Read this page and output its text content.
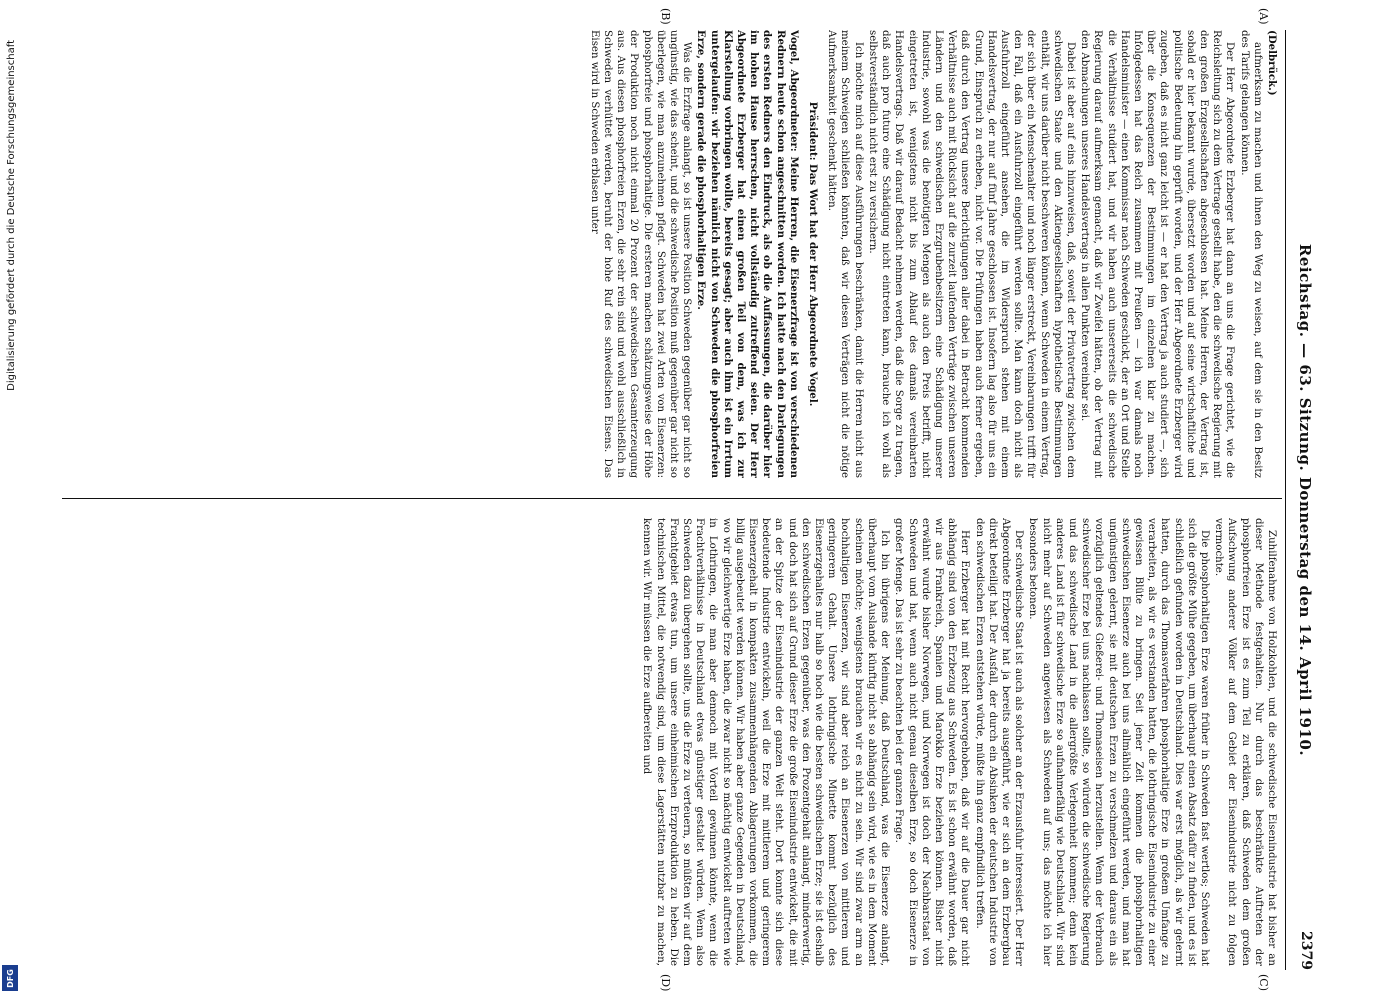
Reichstag. — 63. Sitzung. Donnerstag den 14. April 1910.
2379
(A)
(B)
(C)
(D)

(Delbrück.)

aufmerksam zu machen und ihnen den Weg zu weisen, auf dem sie in den Besitz des Tarifs gelangen können.

Der Herr Abgeordnete Erzberger hat dann an uns die Frage gerichtet, wie die Reichsleitung sich zu dem Vertrage gestellt habe, den die schwedische Regierung mit den großen Erzgesellschaften abgeschlossen hat. Meine Herren, der Vertrag ist, sobald er hier bekannt wurde, übersetzt worden und auf seine wirtschaftliche und politische Bedeutung hin geprüft worden, und der Herr Abgeordnete Erzberger wird zugeben, daß es nicht ganz leicht ist — er hat den Vertrag ja auch studiert —, sich über die Konsequenzen der Bestimmungen im einzelnen klar zu machen. Infolgedessen hat das Reich zusammen mit Preußen — ich war damals noch Handelsminister — einen Kommissar nach Schweden geschickt, der an Ort und Stelle die Verhältnisse studiert hat, und wir haben auch unsererseits die schwedische Regierung darauf aufmerksam gemacht, daß wir Zweifel hätten, ob der Vertrag mit den Abmachungen unseres Handelsvertrags in allen Punkten vereinbar sei.

Dabei ist aber auf eins hinzuweisen, daß, soweit der Privatvertrag zwischen dem schwedischen Staate und den Aktiengesellschaften hypothetische Bestimmungen enthält, wir uns darüber nicht beschweren können, wenn Schweden in einem Vertrag, der sich über ein Menschenalter und noch länger erstreckt, Vereinbarungen trifft für den Fall, daß ein Ausfuhrzoll eingeführt werden sollte. Man kann doch nicht als Ausfuhrzoll eingeführt ansehen, die im Widerspruch stehen mit einem Handelsvertrag, der nur auf fünf Jahre geschlossen ist. Insofern lag also für uns ein Grund, Einspruch zu erheben, nicht vor. Die Prüfungen haben auch ferner ergeben, daß durch den Vertrag unsere Berichtigungen aller dabei in Betracht kommenden Verhältnisse auch mit Rücksicht auf die zurzeit laufenden Verträge zwischen unseren Ländern und den schwedischen Erzgrubenbesitzern eine Schädigung unserer Industrie, sowohl was die benötigten Mengen als auch den Preis betrifft, nicht eingetreten ist, wenigstens nicht bis zum Ablauf des damals vereinbarten Handelsvertrags. Daß wir darauf Bedacht nehmen werden, daß die Sorge zu tragen, daß auch pro futuro eine Schädigung nicht eintreten kann, brauche ich wohl als selbstverständlich nicht erst zu versichern.

Ich möchte mich auf diese Ausführungen beschränken, damit die Herren nicht aus meinem Schweigen schließen könnten, daß wir diesen Verträgen nicht die nötige Aufmerksamkeit geschenkt hätten.

Präsident: Das Wort hat der Herr Abgeordnete Vogel.

Vogel, Abgeordneter: Meine Herren, die Eisenerzfrage ist von verschiedenen Rednern heute schon angeschnitten worden. Ich hatte nach den Darlegungen des ersten Redners den Eindruck, als ob die Auffassungen, die darüber hier im hohen Hause herrschen, nicht vollständig zutreffend seien. Der Herr Abgeordnete Erzberger hat einen großen Teil von dem, was ich zur Klarstellung vorbringen wollte, bereits gesagt; aber auch ihm ist ein Irrtum untergelaufen: wir beziehen nämlich nicht von Schweden die phosphorfreien Erze, sondern gerade die phosphorhaltigen Erze.

Was die Erzfrage anlangt, so ist unsere Position Schweden gegenüber gar nicht so ungünstig, wie das scheint, und die schwedische Position muß gegenüber gar nicht so überlegen, wie man anzunehmen pflegt. Schweden hat zwei Arten von Eisenerzen: phosphorfreie und phosphorhaltige. Die ersteren machen schätzungsweise der Höhe der Produktion noch nicht einmal 20 Prozent der schwedischen Gesamterzeugung aus. Aus diesen phosphorfreien Erzen, die sehr rein sind und wohl ausschließlich in Schweden verhüttet werden, beruht der hohe Ruf des schwedischen Eisens. Das Eisen wird in Schweden erblasen unter

Zuhilfenahme von Holzkohlen, und die schwedische Eisenindustrie hat bisher an dieser Methode festgehalten. Nur durch das beschränkte Auftreten der phosphorfreien Erze ist es zum Teil zu erklären, daß Schweden dem großen Aufschwung anderer Völker auf dem Gebiet der Eisenindustrie nicht zu folgen vermochte.

Die phosphorhaltigen Erze waren früher in Schweden fast wertlos; Schweden hat sich die größte Mühe gegeben, um überhaupt einen Absatz dafür zu finden, und es ist schließlich gefunden worden in Deutschland. Dies war erst möglich, als wir gelernt hatten, durch das Thomasverfahren phosphorhaltige Erze in großem Umfange zu verarbeiten, als wir es verstanden hatten, die lothringische Eisenindustrie zu einer gewissen Blüte zu bringen. Seit jener Zeit kommen die phosphorhaltigen schwedischen Eisenerze auch bei uns allmählich eingeführt werden, und man hat ungünstigen gelernt, sie mit deutschen Erzen zu verschmelzen und daraus ein als vorzüglich geltendes Gießerei- und Thomaseisen herzustellen. Wenn der Verbrauch schwedischer Erze bei uns nachlassen sollte, so würden die schwedische Regierung und das schwedische Land in die allergrößte Verlegenheit kommen; denn kein anderes Land ist für schwedische Erze so aufnahmefähig wie Deutschland. Wir sind nicht mehr auf Schweden angewiesen als Schweden auf uns; das möchte ich hier besonders betonen.

Der schwedische Staat ist auch als solcher an der Erzausfuhr interessiert. Der Herr Abgeordnete Erzberger hat ja bereits ausgeführt, wie er sich an dem Erzbergbau direkt beteiligt hat. Der Ausfall, der durch ein Absinken der deutschen Industrie von den schwedischen Erzen entstehen würde, müßte ihn ganz empfindlich treffen.

Herr Erzberger hat mit Recht hervorgehoben, daß wir auf die Dauer gar nicht abhängig sind von den Erzbezug aus Schweden. Es ist schon erwähnt worden, daß wir aus Frankreich, Spanien und Marokko Erze beziehen können. Bisher nicht erwähnt wurde bisher Norwegen, und Norwegen ist doch der Nachbarstaat von Schweden und hat, wenn auch nicht genau dieselben Erze, so doch Eisenerze in großer Menge. Das ist sehr zu beachten bei der ganzen Frage.

Ich bin übrigens der Meinung, daß Deutschland, was die Eisenerze anlangt, überhaupt vom Auslande künftig nicht so abhängig sein wird, wie es in dem Moment scheinen möchte; wenigstens brauchen wir es nicht zu sein. Wir sind zwar arm an hochhaltigen Eisenerzen, wir sind aber reich an Eisenerzen von mittlerem und geringerem Gehalt. Unsere lothringische Minette kommt bezüglich des Eisenerzgehaltes nur halb so hoch wie die besten schwedischen Erze; sie ist deshalb den schwedischen Erzen gegenüber, was den Prozentgehalt anlangt, minderwertig, und doch hat sich auf Grund dieser Erze die große Eisenindustrie entwickelt, die mit an der Spitze der Eisenindustrie der ganzen Welt steht. Dort konnte sich diese bedeutende Industrie entwickeln, weil die Erze mit mittlerem und geringerem Eisenerzgehalt in kompakten zusammenhängenden Ablagerungen vorkommen, die billig ausgebeutet werden können. Wir haben aber ganze Gegenden in Deutschland, wo wir gleichwertige Erze haben, die zwar nicht so mächtig entwickelt auftreten wie in Lothringen, die man aber dennoch mit Vorteil gewinnen könnte, wenn die Frachtverhältnisse in Deutschland etwas günstiger gestaltet würden. Wenn also Schweden dazu übergehen sollte, uns die Erze zu verteuern, so müßten wir auf dem Frachtgebiet etwas tun, um unsere einheimischen Erzproduktion zu heben. Die technischen Mittel, die notwendig sind, um diese Lagerstätten nutzbar zu machen, kennen wir. Wir müssen die Erze aufbereiten und

Digitalisierung gefördert durch die Deutsche Forschungsgemeinschaft
DFG
